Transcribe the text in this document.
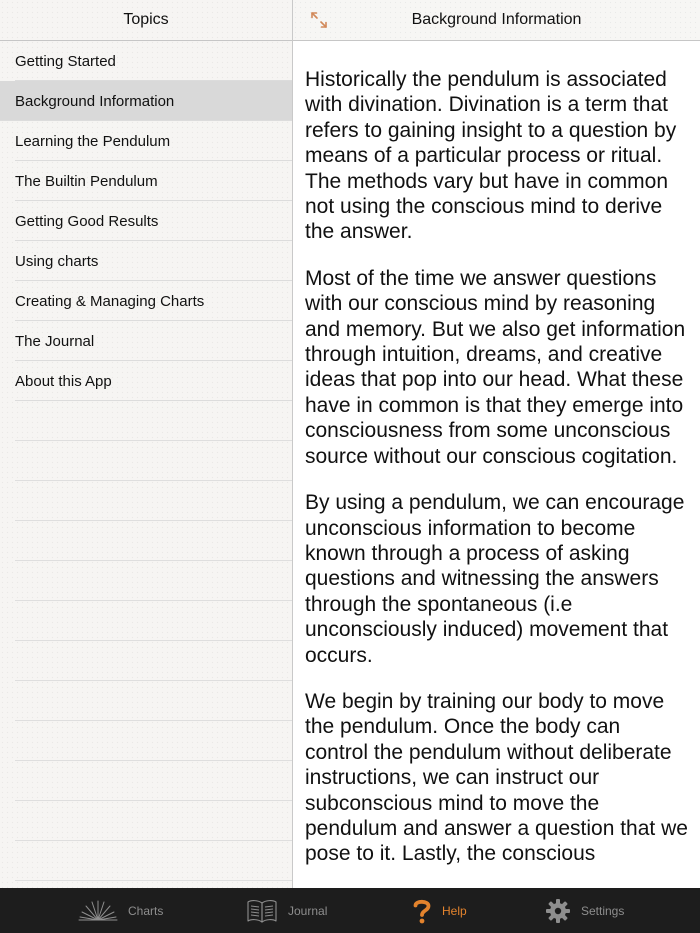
Topics
Getting Started
Background Information
Learning the Pendulum
The Builtin Pendulum
Getting Good Results
Using charts
Creating & Managing Charts
The Journal
About this App
Background Information

Historically the pendulum is associated with divination. Divination is a term that refers to gaining insight to a question by means of a particular process or ritual. The methods vary but have in common not using the conscious mind to derive the answer.

Most of the time we answer questions with our conscious mind by reasoning and memory. But we also get information through intuition, dreams, and creative ideas that pop into our head. What these have in common is that they emerge into consciousness from some unconscious source without our conscious cogitation.

By using a pendulum, we can encourage unconscious information to become known through a process of asking questions and witnessing the answers through the spontaneous (i.e unconsciously induced) movement that occurs.

We begin by training our body to move the pendulum. Once the body can control the pendulum without deliberate instructions, we can instruct our subconscious mind to move the pendulum and answer a question that we pose to it. Lastly, the conscious

Charts	Journal	Help	Settings
